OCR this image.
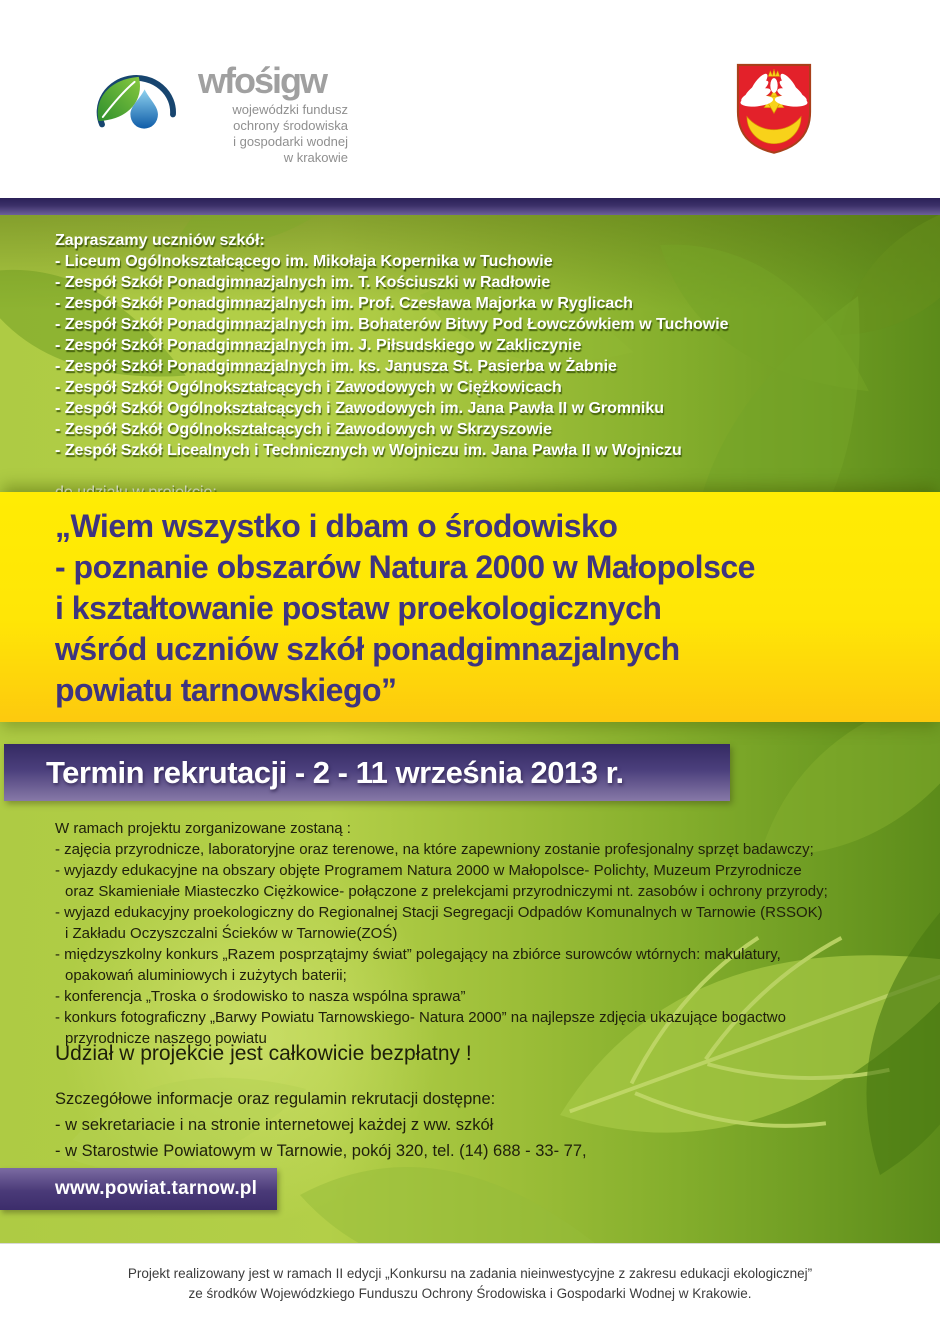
wfośigw
wojewódzki fundusz
ochrony środowiska
i gospodarki wodnej
w krakowie
Zapraszamy uczniów szkół:
- Liceum Ogólnokształcącego im. Mikołaja Kopernika w Tuchowie
- Zespół Szkół Ponadgimnazjalnych im. T. Kościuszki w Radłowie
- Zespół Szkół Ponadgimnazjalnych im. Prof. Czesława Majorka w Ryglicach
- Zespół Szkół Ponadgimnazjalnych im. Bohaterów Bitwy Pod Łowczówkiem w Tuchowie
- Zespół Szkół Ponadgimnazjalnych im. J. Piłsudskiego w Zakliczynie
- Zespół Szkół Ponadgimnazjalnych im. ks. Janusza St. Pasierba w Żabnie
- Zespół Szkół Ogólnokształcących i Zawodowych w Ciężkowicach
- Zespół Szkół Ogólnokształcących i Zawodowych im. Jana Pawła II w Gromniku
- Zespół Szkół Ogólnokształcących i Zawodowych w Skrzyszowie
- Zespół Szkół Licealnych i Technicznych w Wojniczu im. Jana Pawła II w Wojniczu
„Wiem wszystko i dbam o środowisko
- poznanie obszarów Natura 2000 w Małopolsce
i kształtowanie postaw proekologicznych
wśród uczniów szkół ponadgimnazjalnych
powiatu tarnowskiego”
Termin rekrutacji - 2 - 11 września 2013 r.
W ramach projektu zorganizowane zostaną :
- zajęcia przyrodnicze, laboratoryjne oraz terenowe, na które zapewniony zostanie profesjonalny sprzęt badawczy;
- wyjazdy edukacyjne na obszary objęte Programem Natura 2000 w Małopolsce- Polichty, Muzeum Przyrodnicze
oraz Skamieniałe Miasteczko Ciężkowice- połączone z prelekcjami przyrodniczymi nt. zasobów i ochrony przyrody;
- wyjazd edukacyjny proekologiczny do Regionalnej Stacji Segregacji Odpadów Komunalnych w Tarnowie (RSSOK)
i Zakładu Oczyszczalni Ścieków w Tarnowie(ZOŚ)
- międzyszkolny konkurs „Razem posprzątajmy świat” polegający na zbiórce surowców wtórnych: makulatury,
opakowań aluminiowych i zużytych baterii;
- konferencja „Troska o środowisko to nasza wspólna sprawa”
- konkurs fotograficzny „Barwy Powiatu Tarnowskiego- Natura 2000” na najlepsze zdjęcia ukazujące bogactwo
przyrodnicze naszego powiatu
Udział w projekcie jest całkowicie bezpłatny !
Szczegółowe informacje oraz regulamin rekrutacji dostępne:
- w sekretariacie i na stronie internetowej każdej z ww. szkół
- w Starostwie Powiatowym w Tarnowie, pokój 320, tel. (14) 688 - 33- 77,
www.powiat.tarnow.pl
Projekt realizowany jest w ramach II edycji „Konkursu na zadania nieinwestycyjne z zakresu edukacji ekologicznej”
ze środków Wojewódzkiego Funduszu Ochrony Środowiska i Gospodarki Wodnej w Krakowie.
